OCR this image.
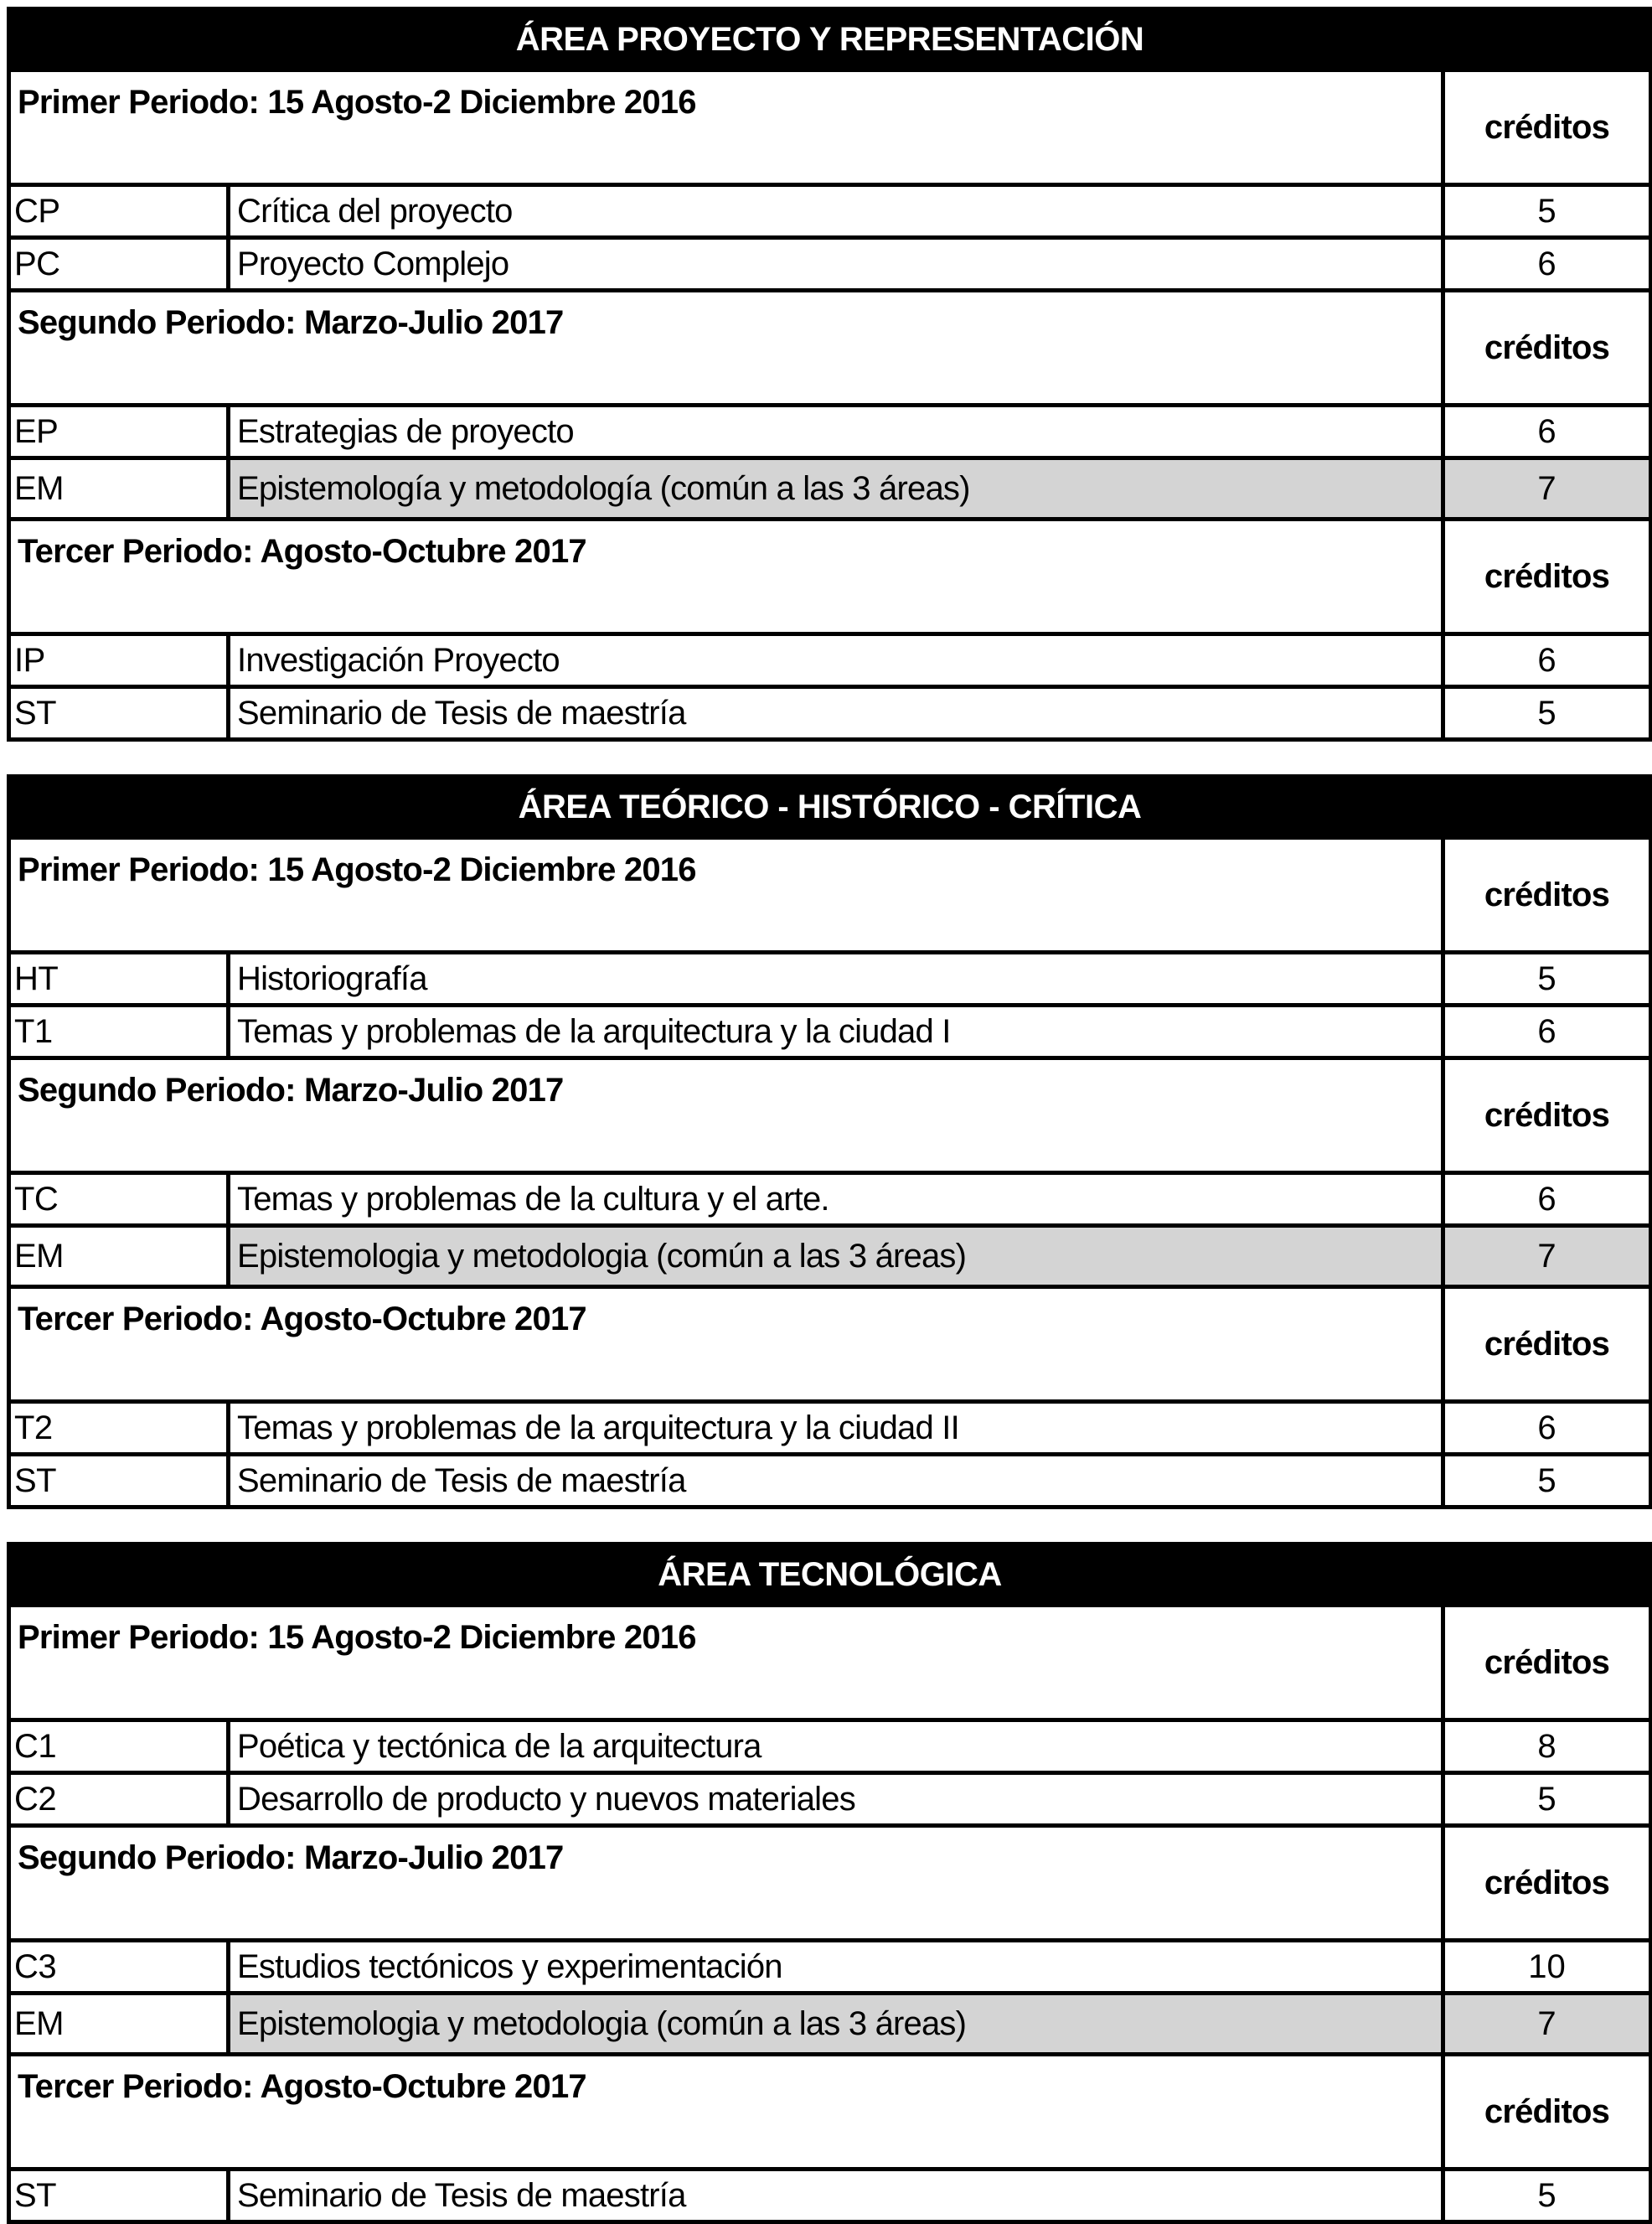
ÁREA PROYECTO Y REPRESENTACIÓN		
Primer Periodo: 15 Agosto-2 Diciembre 2016		créditos
CP	Crítica del proyecto	5
PC	Proyecto Complejo	6
Segundo Periodo: Marzo-Julio 2017		créditos
EP	Estrategias de proyecto	6
EM	Epistemología y metodología (común a las 3 áreas)	7
Tercer Periodo: Agosto-Octubre 2017		créditos
IP	Investigación Proyecto	6
ST	Seminario de Tesis de maestría	5
ÁREA TEÓRICO - HISTÓRICO - CRÍTICA		
Primer Periodo: 15 Agosto-2 Diciembre 2016		créditos
HT	Historiografía	5
T1	Temas y problemas de la arquitectura y la ciudad I	6
Segundo Periodo: Marzo-Julio 2017		créditos
TC	Temas y problemas de la cultura y el arte.	6
EM	Epistemologia y metodologia (común a las 3 áreas)	7
Tercer Periodo: Agosto-Octubre 2017		créditos
T2	Temas y problemas de la arquitectura y la ciudad II	6
ST	Seminario de Tesis de maestría	5
ÁREA TECNOLÓGICA		
Primer Periodo: 15 Agosto-2 Diciembre 2016		créditos
C1	Poética y tectónica de la arquitectura	8
C2	Desarrollo de producto y nuevos materiales	5
Segundo Periodo: Marzo-Julio 2017		créditos
C3	Estudios tectónicos y experimentación	10
EM	Epistemologia y metodologia (común a las 3 áreas)	7
Tercer Periodo: Agosto-Octubre 2017		créditos
ST	Seminario de Tesis de maestría	5
